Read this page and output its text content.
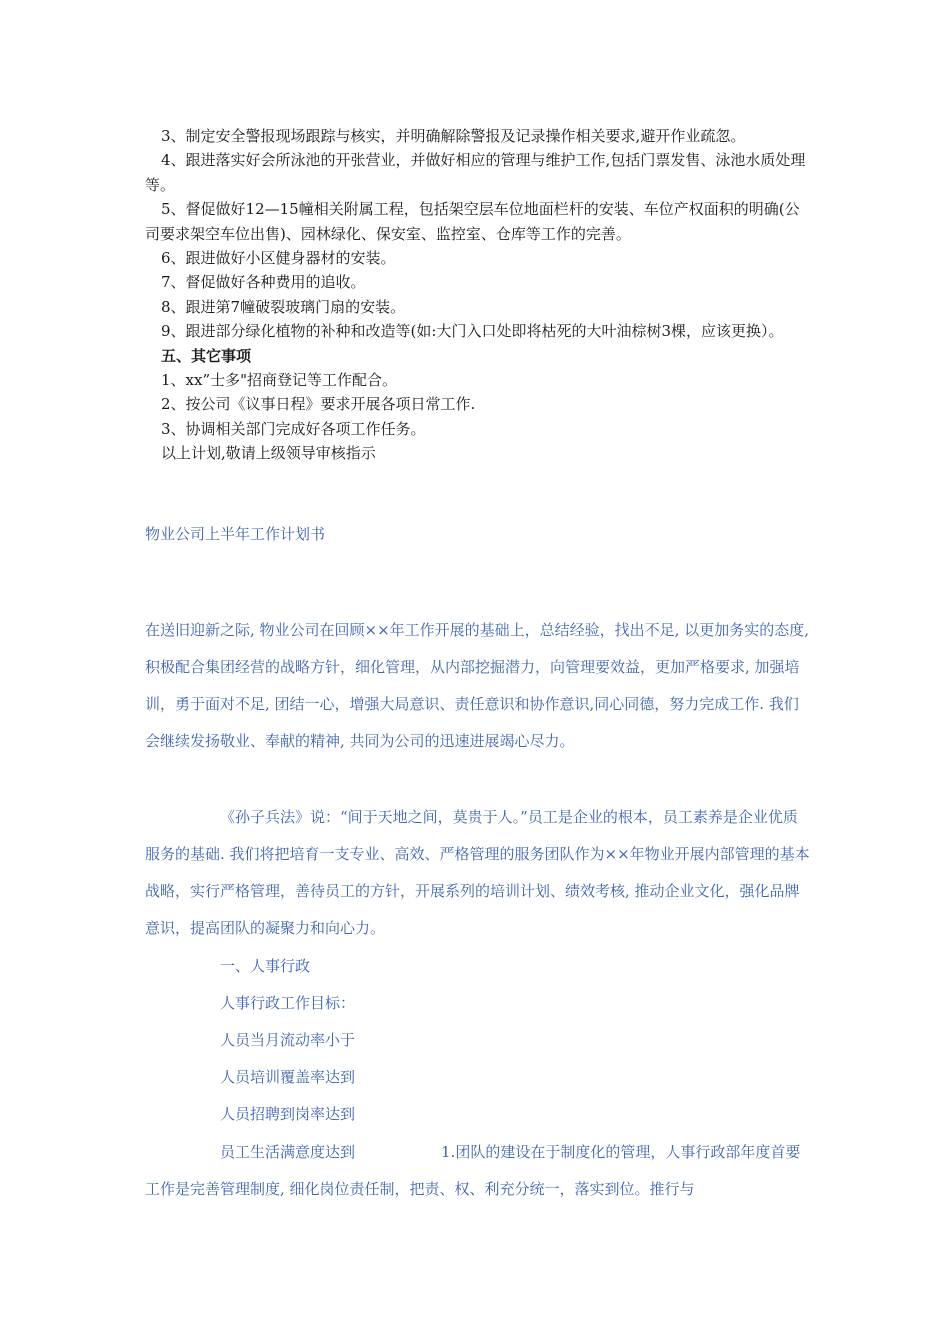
3、制定安全警报现场跟踪与核实，并明确解除警报及记录操作相关要求,避开作业疏忽。

4、跟进落实好会所泳池的开张营业，并做好相应的管理与维护工作,包括门票发售、泳池水质处理等。

5、督促做好12—15幢相关附属工程，包括架空层车位地面栏杆的安装、车位产权面积的明确(公司要求架空车位出售)、园林绿化、保安室、监控室、仓库等工作的完善。

6、跟进做好小区健身器材的安装。

7、督促做好各种费用的追收。

8、跟进第7幢破裂玻璃门扇的安装。

9、跟进部分绿化植物的补种和改造等(如:大门入口处即将枯死的大叶油棕树3棵，应该更换）。

五、其它事项

1、xx”士多"招商登记等工作配合。

2、按公司《议事日程》要求开展各项日常工作.

3、协调相关部门完成好各项工作任务。

以上计划,敬请上级领导审核指示

物业公司上半年工作计划书

在送旧迎新之际, 物业公司在回顾××年工作开展的基础上，总结经验，找出不足, 以更加务实的态度, 积极配合集团经营的战略方针，细化管理，从内部挖掘潜力，向管理要效益，更加严格要求, 加强培训，勇于面对不足, 团结一心，增强大局意识、责任意识和协作意识,同心同德，努力完成工作. 我们会继续发扬敬业、奉献的精神, 共同为公司的迅速进展竭心尽力。

《孙子兵法》说：“间于天地之间，莫贵于人。”员工是企业的根本，员工素养是企业优质服务的基础. 我们将把培育一支专业、高效、严格管理的服务团队作为××年物业开展内部管理的基本战略，实行严格管理，善待员工的方针，开展系列的培训计划、绩效考核, 推动企业文化，强化品牌意识，提高团队的凝聚力和向心力。

一、人事行政

人事行政工作目标：

人员当月流动率小于

人员培训覆盖率达到

人员招聘到岗率达到

员工生活满意度达到	1.团队的建设在于制度化的管理，人事行政部年度首要工作是完善管理制度, 细化岗位责任制，把责、权、利充分统一，落实到位。推行与
